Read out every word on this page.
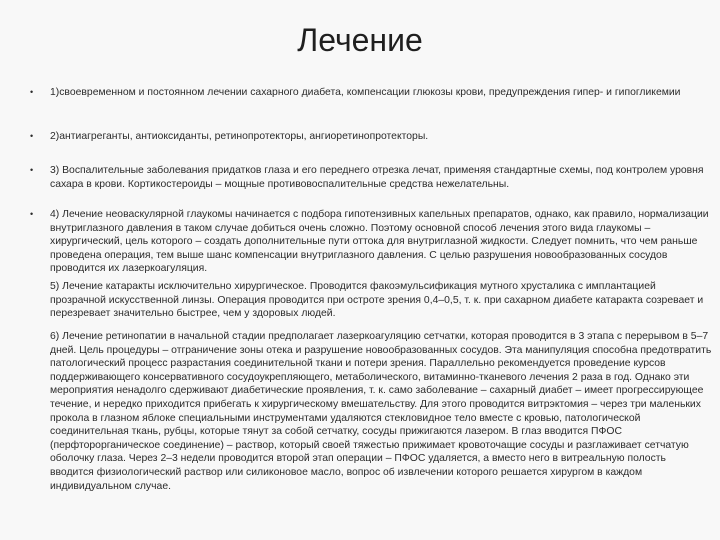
Лечение
• 1)своевременном и постоянном лечении сахарного диабета, компенсации глюкозы крови, предупреждения гипер- и гипогликемии

• 2)антиагреганты, антиоксиданты, ретинопротекторы, ангиоретинопротекторы.

• 3) Воспалительные заболевания придатков глаза и его переднего отрезка лечат, применяя стандартные схемы, под контролем уровня сахара в крови. Кортикостероиды – мощные противовоспалительные средства нежелательны.

• 4) Лечение неоваскулярной глаукомы начинается с подбора гипотензивных капельных препаратов, однако, как правило, нормализации внутриглазного давления в таком случае добиться очень сложно. Поэтому основной способ лечения этого вида глаукомы – хирургический, цель которого – создать дополнительные пути оттока для внутриглазной жидкости. Следует помнить, что чем раньше проведена операция, тем выше шанс компенсации внутриглазного давления. С целью разрушения новообразованных сосудов проводится их лазеркоагуляция.

5) Лечение катаракты исключительно хирургическое. Проводится факоэмульсификация мутного хрусталика с имплантацией прозрачной искусственной линзы. Операция проводится при остроте зрения 0,4–0,5, т. к. при сахарном диабете катаракта созревает и перезревает значительно быстрее, чем у здоровых людей.

6) Лечение ретинопатии в начальной стадии предполагает лазеркоагуляцию сетчатки, которая проводится в 3 этапа с перерывом в 5–7 дней. Цель процедуры – отграничение зоны отека и разрушение новообразованных сосудов. Эта манипуляция способна предотвратить патологический процесс разрастания соединительной ткани и потери зрения. Параллельно рекомендуется проведение курсов поддерживающего консервативного сосудоукрепляющего, метаболического, витаминно-тканевого лечения 2 раза в год. Однако эти мероприятия ненадолго сдерживают диабетические проявления, т. к. само заболевание – сахарный диабет – имеет прогрессирующее течение, и нередко приходится прибегать к хирургическому вмешательству. Для этого проводится витрэктомия – через три маленьких прокола в глазном яблоке специальными инструментами удаляются стекловидное тело вместе с кровью, патологической соединительная ткань, рубцы, которые тянут за собой сетчатку, сосуды прижигаются лазером. В глаз вводится ПФОС (перфторорганическое соединение) – раствор, который своей тяжестью прижимает кровоточащие сосуды и разглаживает сетчатую оболочку глаза. Через 2–3 недели проводится второй этап операции – ПФОС удаляется, а вместо него в витреальную полость вводится физиологический раствор или силиконовое масло, вопрос об извлечении которого решается хирургом в каждом индивидуальном случае.
